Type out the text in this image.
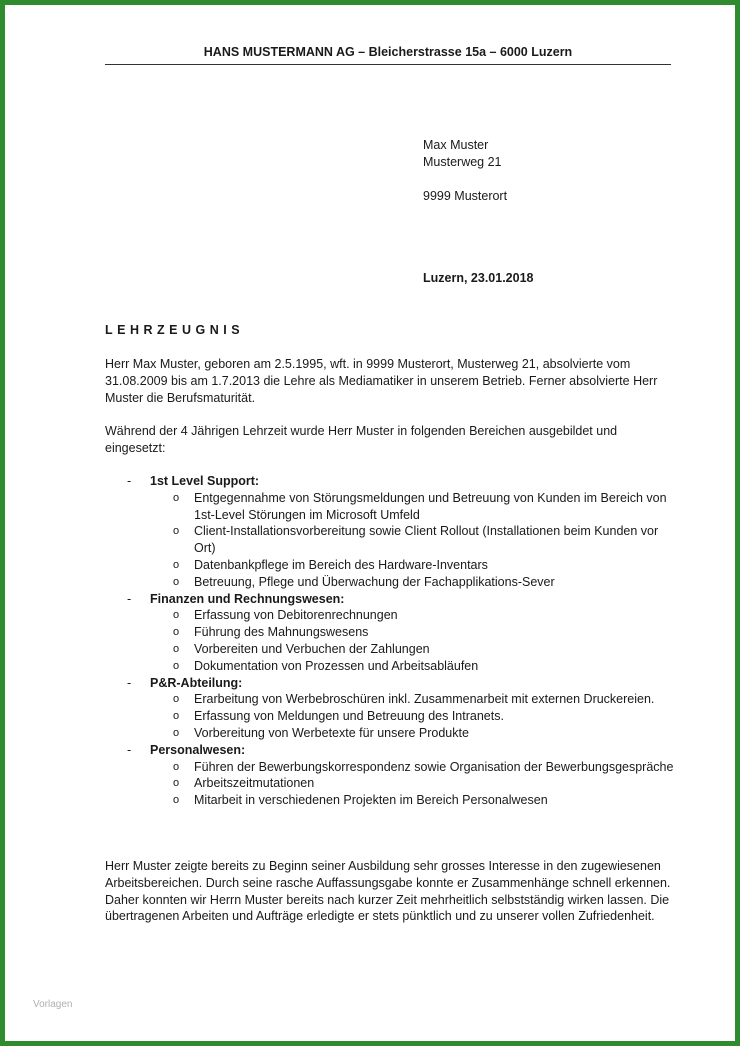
HANS MUSTERMANN AG – Bleicherstrasse 15a – 6000 Luzern
Max Muster
Musterweg 21
9999 Musterort
Luzern, 23.01.2018
LEHRZEUGNIS
Herr Max Muster, geboren am 2.5.1995, wft. in 9999 Musterort, Musterweg 21, absolvierte vom 31.08.2009 bis am 1.7.2013 die Lehre als Mediamatiker in unserem Betrieb. Ferner absolvierte Herr Muster die Berufsmaturität.
Während der 4 Jährigen Lehrzeit wurde Herr Muster in folgenden Bereichen ausgebildet und eingesetzt:
- 1st Level Support:
o Entgegennahme von Störungsmeldungen und Betreuung von Kunden im Bereich von 1st-Level Störungen im Microsoft Umfeld
o Client-Installationsvorbereitung sowie Client Rollout (Installationen beim Kunden vor Ort)
o Datenbankpflege im Bereich des Hardware-Inventars
o Betreuung, Pflege und Überwachung der Fachapplikations-Sever
- Finanzen und Rechnungswesen:
o Erfassung von Debitorenrechnungen
o Führung des Mahnungswesens
o Vorbereiten und Verbuchen der Zahlungen
o Dokumentation von Prozessen und Arbeitsabläufen
- P&R-Abteilung:
o Erarbeitung von Werbebroschüren inkl. Zusammenarbeit mit externen Druckereien.
o Erfassung von Meldungen und Betreuung des Intranets.
o Vorbereitung von Werbetexte für unsere Produkte
- Personalwesen:
o Führen der Bewerbungskorrespondenz sowie Organisation der Bewerbungsgespräche
o Arbeitszeitmutationen
o Mitarbeit in verschiedenen Projekten im Bereich Personalwesen
Herr Muster zeigte bereits zu Beginn seiner Ausbildung sehr grosses Interesse in den zugewiesenen Arbeitsbereichen. Durch seine rasche Auffassungsgabe konnte er Zusammenhänge schnell erkennen. Daher konnten wir Herrn Muster bereits nach kurzer Zeit mehrheitlich selbstständig wirken lassen. Die übertragenen Arbeiten und Aufträge erledigte er stets pünktlich und zu unserer vollen Zufriedenheit.
Vorlagen
